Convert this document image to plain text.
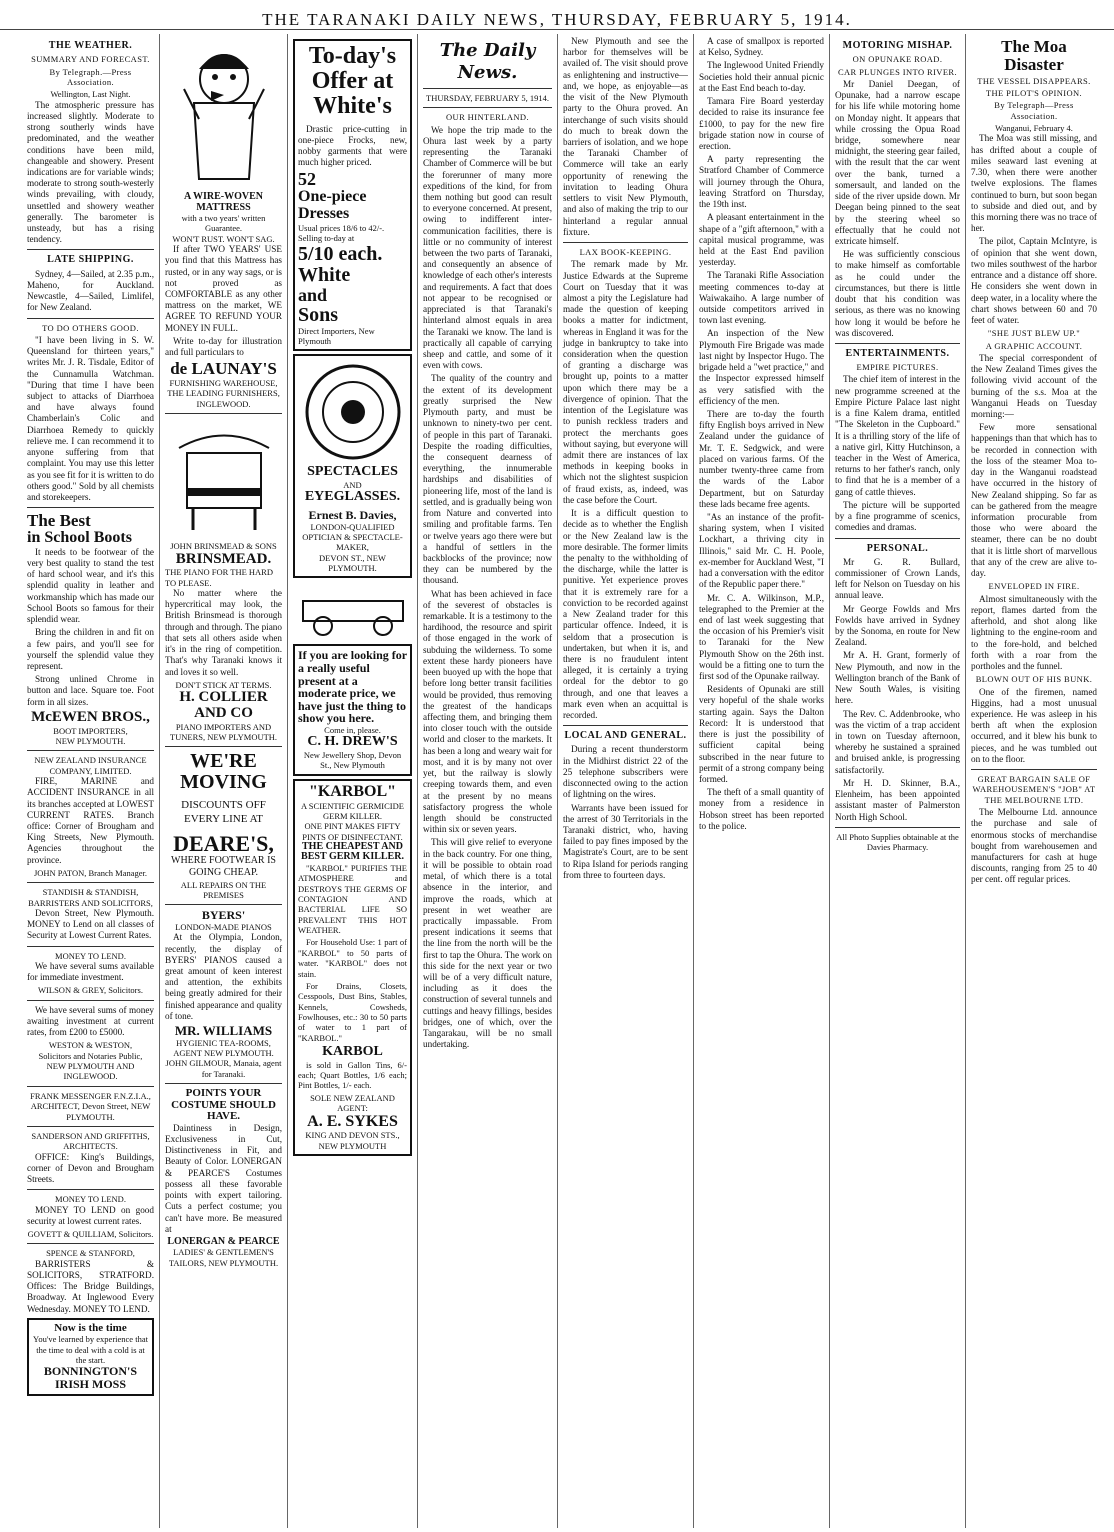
THE TARANAKI DAILY NEWS, THURSDAY, FEBRUARY 5, 1914.
THE WEATHER.
SUMMARY AND FORECAST.
By Telegraph.—Press Association.
Wellington, Last Night.

The atmospheric pressure has increased slightly. Moderate to strong southerly winds have predominated, and the weather conditions have been mild, changeable and showery. Present indications are for variable winds; moderate to strong south-westerly winds prevailing, with cloudy, unsettled and showery weather generally. The barometer is unsteady, but has a rising tendency.

LATE SHIPPING.

Sydney, 4—Sailed, at 2.35 p.m., Maheno, for Auckland. Newcastle, 4—Sailed, Limlifel, for New Zealand.

TO DO OTHERS GOOD.

"I have been living in S. W. Queensland for thirteen years," writes Mr. J. R. Tisdale, Editor of the Cunnamulla Watchman. "During that time I have been subject to attacks of Diarrhoea and have always found Chamberlain's Colic and Diarrhoea Remedy to quickly relieve me. I can recommend it to anyone suffering from that complaint. You may use this letter as you see fit for it is written to do others good." Sold by all chemists and storekeepers.

The Best
in School Boots

It needs to be footwear of the very best quality to stand the test of hard school wear, and it's this splendid quality in leather and workmanship which has made our School Boots so famous for their splendid wear.

Bring the children in and fit on a few pairs, and you'll see for yourself the splendid value they represent.

Strong unlined Chrome in button and lace. Square toe. Foot form in all sizes.

McEWEN BROS.,
BOOT IMPORTERS,
NEW PLYMOUTH.
NEW ZEALAND INSURANCE COMPANY, LIMITED.

FIRE, MARINE and ACCIDENT INSURANCE in all its branches accepted at LOWEST CURRENT RATES. Branch office: Corner of Brougham and King Streets, New Plymouth. Agencies throughout the province.

JOHN PATON, Branch Manager.
STANDISH & STANDISH,
BARRISTERS AND SOLICITORS,

Devon Street, New Plymouth. MONEY to Lend on all classes of Security at Lowest Current Rates.

MONEY TO LEND.

We have several sums available for immediate investment.

WILSON & GREY, Solicitors.

We have several sums of money awaiting investment at current rates, from £200 to £5000.

WESTON & WESTON,
Solicitors and Notaries Public,
NEW PLYMOUTH AND INGLEWOOD.
FRANK MESSENGER F.N.Z.I.A.,
ARCHITECT, Devon Street, NEW PLYMOUTH.
SANDERSON AND GRIFFITHS,
ARCHITECTS.

OFFICE: King's Buildings, corner of Devon and Brougham Streets.

MONEY TO LEND.

MONEY TO LEND on good security at lowest current rates.

GOVETT & QUILLIAM, Solicitors.
SPENCE & STANFORD,

BARRISTERS & SOLICITORS, STRATFORD. Offices: The Bridge Buildings, Broadway. At Inglewood Every Wednesday. MONEY TO LEND.

Now is the time
You've learned by experience that the time to deal with a cold is at the start.
BONNINGTON'S
IRISH MOSS
A WIRE-WOVEN MATTRESS
with a two years' written Guarantee.
WON'T RUST. WON'T SAG.

If after TWO YEARS' USE you find that this Mattress has rusted, or in any way sags, or is not proved as COMFORTABLE as any other mattress on the market, WE AGREE TO REFUND YOUR MONEY IN FULL.

Write to-day for illustration and full particulars to

de LAUNAY'S
FURNISHING WAREHOUSE, THE LEADING FURNISHERS, INGLEWOOD.
JOHN BRINSMEAD & SONS
BRINSMEAD.
THE PIANO FOR THE HARD TO PLEASE.

No matter where the hypercritical may look, the British Brinsmead is thorough through and through. The piano that sets all others aside when it's in the ring of competition. That's why Taranaki knows it and loves it so well.

DON'T STICK AT TERMS.
H. COLLIER AND CO
PIANO IMPORTERS AND TUNERS, NEW PLYMOUTH.
WE'RE
MOVING
DISCOUNTS OFF EVERY LINE AT
DEARE'S,
WHERE FOOTWEAR IS GOING CHEAP.
ALL REPAIRS ON THE PREMISES
BYERS'
LONDON-MADE PIANOS

At the Olympia, London, recently, the display of BYERS' PIANOS caused a great amount of keen interest and attention, the exhibits being greatly admired for their finished appearance and quality of tone.

MR. WILLIAMS
HYGIENIC TEA-ROOMS,
AGENT NEW PLYMOUTH.
JOHN GILMOUR, Manaia, agent for Taranaki.
POINTS YOUR COSTUME SHOULD HAVE.

Daintiness in Design, Exclusiveness in Cut, Distinctiveness in Fit, and Beauty of Color. LONERGAN & PEARCE'S Costumes possess all these favorable points with expert tailoring. Cuts a perfect costume; you can't have more. Be measured at

LONERGAN & PEARCE
LADIES' & GENTLEMEN'S TAILORS, NEW PLYMOUTH.
To-day's
Offer at
White's

Drastic price-cutting in one-piece Frocks, new, nobby garments that were much higher priced.

52
One-piece Dresses
Usual prices 18/6 to 42/-. Selling to-day at
5/10 each.
White
and
Sons
Direct Importers, New Plymouth
SPECTACLES
AND
EYEGLASSES.
Ernest B. Davies,
LONDON-QUALIFIED OPTICIAN & SPECTACLE-MAKER,
DEVON ST., NEW PLYMOUTH.
If you are looking for a really useful present at a moderate price, we have just the thing to show you here.
Come in, please.
C. H. DREW'S
New Jewellery Shop, Devon St., New Plymouth
"KARBOL"
A SCIENTIFIC GERMICIDE GERM KILLER.
ONE PINT MAKES FIFTY PINTS OF DISINFECTANT.
THE CHEAPEST AND BEST GERM KILLER.

"KARBOL" PURIFIES THE ATMOSPHERE and DESTROYS THE GERMS OF CONTAGION AND BACTERIAL LIFE SO PREVALENT THIS HOT WEATHER.

For Household Use: 1 part of "KARBOL" to 50 parts of water. "KARBOL" does not stain.

For Drains, Closets, Cesspools, Dust Bins, Stables, Kennels, Cowsheds, Fowlhouses, etc.: 30 to 50 parts of water to 1 part of "KARBOL."

KARBOL

is sold in Gallon Tins, 6/- each; Quart Bottles, 1/6 each; Pint Bottles, 1/- each.

SOLE NEW ZEALAND AGENT:
A. E. SYKES
KING AND DEVON STS., NEW PLYMOUTH
The Daily News.
THURSDAY, FEBRUARY 5, 1914.
OUR HINTERLAND.

We hope the trip made to the Ohura last week by a party representing the Taranaki Chamber of Commerce will be but the forerunner of many more expeditions of the kind, for from them nothing but good can result to everyone concerned. At present, owing to indifferent inter-communication facilities, there is little or no community of interest between the two parts of Taranaki, and consequently an absence of knowledge of each other's interests and requirements. A fact that does not appear to be recognised or appreciated is that Taranaki's hinterland almost equals in area the Taranaki we know. The land is practically all capable of carrying sheep and cattle, and some of it even with cows.

The quality of the country and the extent of its development greatly surprised the New Plymouth party, and must be unknown to ninety-two per cent. of people in this part of Taranaki. Despite the roading difficulties, the consequent dearness of everything, the innumerable hardships and disabilities of pioneering life, most of the land is settled, and is gradually being won from Nature and converted into smiling and profitable farms. Ten or twelve years ago there were but a handful of settlers in the backblocks of the province; now they can be numbered by the thousand.

What has been achieved in face of the severest of obstacles is remarkable. It is a testimony to the hardihood, the resource and spirit of those engaged in the work of subduing the wilderness. To some extent these hardy pioneers have been buoyed up with the hope that before long better transit facilities would be provided, thus removing the greatest of the handicaps affecting them, and bringing them into closer touch with the outside world and closer to the markets. It has been a long and weary wait for most, and it is by many not over yet, but the railway is slowly creeping towards them, and even at the present by no means satisfactory progress the whole length should be constructed within six or seven years.

This will give relief to everyone in the back country. For one thing, it will be possible to obtain road metal, of which there is a total absence in the interior, and improve the roads, which at present in wet weather are practically impassable. From present indications it seems that the line from the north will be the first to tap the Ohura. The work on this side for the next year or two will be of a very difficult nature, including as it does the construction of several tunnels and cuttings and heavy fillings, besides bridges, one of which, over the Tangarakau, will be no small undertaking.

New Plymouth and see the harbor for themselves will be availed of. The visit should prove as enlightening and instructive—and, we hope, as enjoyable—as the visit of the New Plymouth party to the Ohura proved. An interchange of such visits should do much to break down the barriers of isolation, and we hope the Taranaki Chamber of Commerce will take an early opportunity of renewing the invitation to leading Ohura settlers to visit New Plymouth, and also of making the trip to our hinterland a regular annual fixture.

LAX BOOK-KEEPING.

The remark made by Mr. Justice Edwards at the Supreme Court on Tuesday that it was almost a pity the Legislature had made the question of keeping books a matter for indictment, whereas in England it was for the judge in bankruptcy to take into consideration when the question of granting a discharge was brought up, points to a matter upon which there may be a divergence of opinion. That the intention of the Legislature was to punish reckless traders and protect the merchants goes without saying, but everyone will admit there are instances of lax methods in keeping books in which not the slightest suspicion of fraud exists, as, indeed, was the case before the Court.

It is a difficult question to decide as to whether the English or the New Zealand law is the more desirable. The former limits the penalty to the withholding of the discharge, while the latter is punitive. Yet experience proves that it is extremely rare for a conviction to be recorded against a New Zealand trader for this particular offence. Indeed, it is seldom that a prosecution is undertaken, but when it is, and there is no fraudulent intent alleged, it is certainly a trying ordeal for the debtor to go through, and one that leaves a mark even when an acquittal is recorded.

LOCAL AND GENERAL.

During a recent thunderstorm in the Midhirst district 22 of the 25 telephone subscribers were disconnected owing to the action of lightning on the wires.

Warrants have been issued for the arrest of 30 Territorials in the Taranaki district, who, having failed to pay fines imposed by the Magistrate's Court, are to be sent to Ripa Island for periods ranging from three to fourteen days.

A case of smallpox is reported at Kelso, Sydney.

The Inglewood United Friendly Societies hold their annual picnic at the East End beach to-day.

Tamara Fire Board yesterday decided to raise its insurance fee £1000, to pay for the new fire brigade station now in course of erection.

A party representing the Stratford Chamber of Commerce will journey through the Ohura, leaving Stratford on Thursday, the 19th inst.

A pleasant entertainment in the shape of a "gift afternoon," with a capital musical programme, was held at the East End pavilion yesterday.

The Taranaki Rifle Association meeting commences to-day at Waiwakaiho. A large number of outside competitors arrived in town last evening.

An inspection of the New Plymouth Fire Brigade was made last night by Inspector Hugo. The brigade held a "wet practice," and the Inspector expressed himself as very satisfied with the efficiency of the men.

There are to-day the fourth fifty English boys arrived in New Zealand under the guidance of Mr. T. E. Sedgwick, and were placed on various farms. Of the number twenty-three came from the wards of the Labor Department, but on Saturday these lads became free agents.

"As an instance of the profit-sharing system, when I visited Lockhart, a thriving city in Illinois," said Mr. C. H. Poole, ex-member for Auckland West, "I had a conversation with the editor of the Republic paper there."

Mr. C. A. Wilkinson, M.P., telegraphed to the Premier at the end of last week suggesting that the occasion of his Premier's visit to Taranaki for the New Plymouth Show on the 26th inst. would be a fitting one to turn the first sod of the Opunake railway.

Residents of Opunaki are still very hopeful of the shale works starting again. Says the Dalton Record: It is understood that there is just the possibility of sufficient capital being subscribed in the near future to permit of a strong company being formed.

The theft of a small quantity of money from a residence in Hobson street has been reported to the police.

MOTORING MISHAP.
ON OPUNAKE ROAD.
CAR PLUNGES INTO RIVER.

Mr Daniel Deegan, of Opunake, had a narrow escape for his life while motoring home on Monday night. It appears that while crossing the Opua Road bridge, somewhere near midnight, the steering gear failed, with the result that the car went over the bank, turned a somersault, and landed on the side of the river upside down. Mr Deegan being pinned to the seat by the steering wheel so effectually that he could not extricate himself.

He was sufficiently conscious to make himself as comfortable as he could under the circumstances, but there is little doubt that his condition was serious, as there was no knowing how long it would be before he was discovered.

ENTERTAINMENTS.
EMPIRE PICTURES.

The chief item of interest in the new programme screened at the Empire Picture Palace last night is a fine Kalem drama, entitled "The Skeleton in the Cupboard." It is a thrilling story of the life of a native girl, Kitty Hutchinson, a teacher in the West of America, returns to her father's ranch, only to find that he is a member of a gang of cattle thieves.

The picture will be supported by a fine programme of scenics, comedies and dramas.

PERSONAL.

Mr G. R. Bullard, commissioner of Crown Lands, left for Nelson on Tuesday on his annual leave.

Mr George Fowlds and Mrs Fowlds have arrived in Sydney by the Sonoma, en route for New Zealand.

Mr A. H. Grant, formerly of New Plymouth, and now in the Wellington branch of the Bank of New South Wales, is visiting here.

The Rev. C. Addenbrooke, who was the victim of a trap accident in town on Tuesday afternoon, whereby he sustained a sprained and bruised ankle, is progressing satisfactorily.

Mr H. D. Skinner, B.A., Elenheim, has been appointed assistant master of Palmerston North High School.

All Photo Supplies obtainable at the Davies Pharmacy.
The Moa Disaster
THE VESSEL DISAPPEARS.
THE PILOT'S OPINION.
By Telegraph—Press Association.
Wanganui, February 4.

The Moa was still missing, and has drifted about a couple of miles seaward last evening at 7.30, when there were another twelve explosions. The flames continued to burn, but soon began to subside and died out, and by this morning there was no trace of her.

The pilot, Captain McIntyre, is of opinion that she went down, two miles southwest of the harbor entrance and a distance off shore. He considers she went down in deep water, in a locality where the chart shows between 60 and 70 feet of water.

"SHE JUST BLEW UP."
A GRAPHIC ACCOUNT.

The special correspondent of the New Zealand Times gives the following vivid account of the burning of the s.s. Moa at the Wanganui Heads on Tuesday morning:—

Few more sensational happenings than that which has to be recorded in connection with the loss of the steamer Moa to-day in the Wanganui roadstead have occurred in the history of New Zealand shipping. So far as can be gathered from the meagre information procurable from those who were aboard the steamer, there can be no doubt that it is little short of marvellous that any of the crew are alive to-day.

ENVELOPED IN FIRE.

Almost simultaneously with the report, flames darted from the afterhold, and shot along like lightning to the engine-room and to the fore-hold, and belched forth with a roar from the portholes and the funnel.

BLOWN OUT OF HIS BUNK.

One of the firemen, named Higgins, had a most unusual experience. He was asleep in his berth aft when the explosion occurred, and it blew his bunk to pieces, and he was tumbled out on to the floor.

GREAT BARGAIN SALE OF WAREHOUSEMEN'S "JOB" AT THE MELBOURNE LTD.

The Melbourne Ltd. announce the purchase and sale of enormous stocks of merchandise bought from warehousemen and manufacturers for cash at huge discounts, ranging from 25 to 40 per cent. off regular prices.
